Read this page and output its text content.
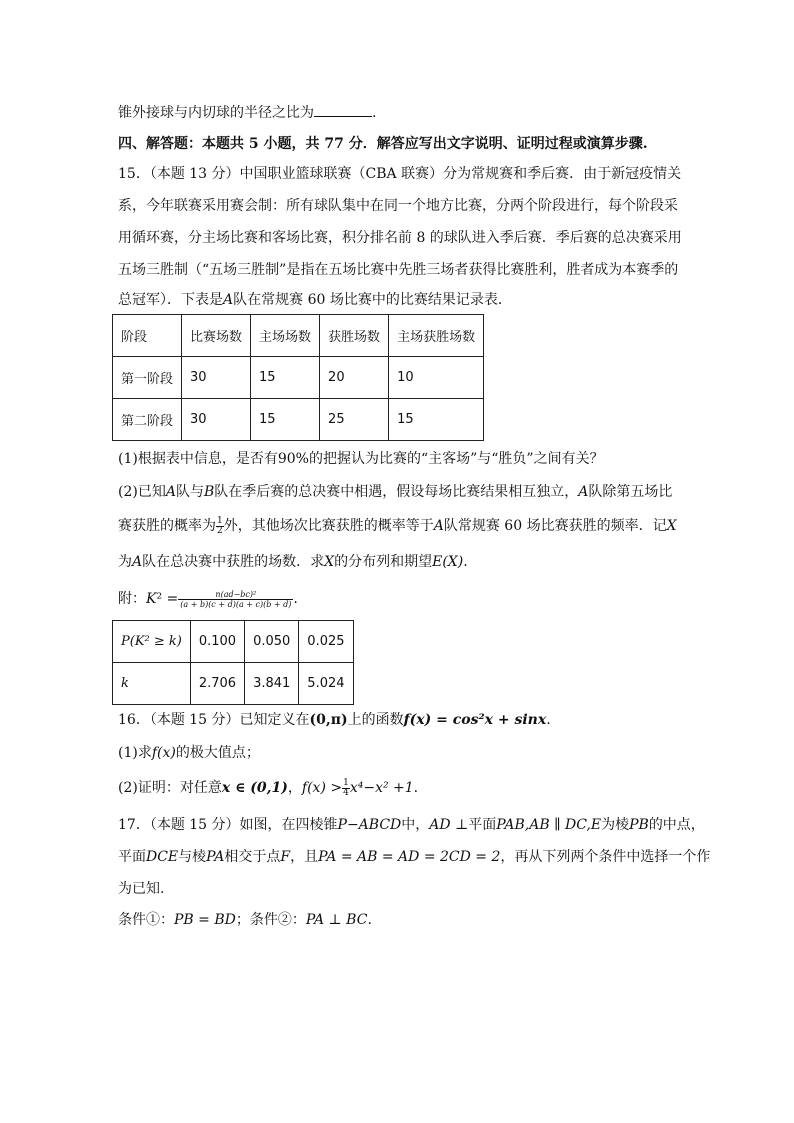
锥外接球与内切球的半径之比为	.
四、解答题：本题共 5 小题，共 77 分．解答应写出文字说明、证明过程或演算步骤.
15．（本题 13 分）中国职业篮球联赛（CBA 联赛）分为常规赛和季后赛．由于新冠疫情关
系，今年联赛采用赛会制：所有球队集中在同一个地方比赛，分两个阶段进行，每个阶段采
用循环赛，分主场比赛和客场比赛，积分排名前 8 的球队进入季后赛．季后赛的总决赛采用
五场三胜制（“五场三胜制”是指在五场比赛中先胜三场者获得比赛胜利，胜者成为本赛季的
总冠军）．下表是A队在常规赛 60 场比赛中的比赛结果记录表．
阶段	比赛场数	主场场数	获胜场数	主场获胜场数
第一阶段	30	15	20	10
第二阶段	30	15	25	15
(1)根据表中信息，是否有90%的把握认为比赛的“主客场”与“胜负”之间有关？
(2)已知A队与B队在季后赛的总决赛中相遇，假设每场比赛结果相互独立，A队除第五场比
赛获胜的概率为 $\frac{1}{2}$ 外，其他场次比赛获胜的概率等于A队常规赛 60 场比赛获胜的频率．记X
为A队在总决赛中获胜的场数．求X的分布列和期望E(X).
附：$K^2 = \frac{\text{n(ad−bc)²}}{(a + b)(c + d)(a + c)(b + d)}$ .
P(K² ≥ k)	0.100	0.050	0.025
k	2.706	3.841	5.024
16．（本题 15 分）已知定义在(0,π)上的函数f(x) = cos²x + sinx.
(1)求f(x)的极大值点；
(2)证明：对任意x ∈ (0,1)，$f(x) > \frac{1}{4} x^4-x^2 +1$.
17．（本题 15 分）如图，在四棱锥P−ABCD中，AD ⊥平面PAB,AB ∥ DC,E为棱PB的中点，
平面DCE与棱PA相交于点F，且PA = AB = AD = 2CD = 2，再从下列两个条件中选择一个作
为已知.
条件①：PB = BD；条件②：PA ⊥ BC.
